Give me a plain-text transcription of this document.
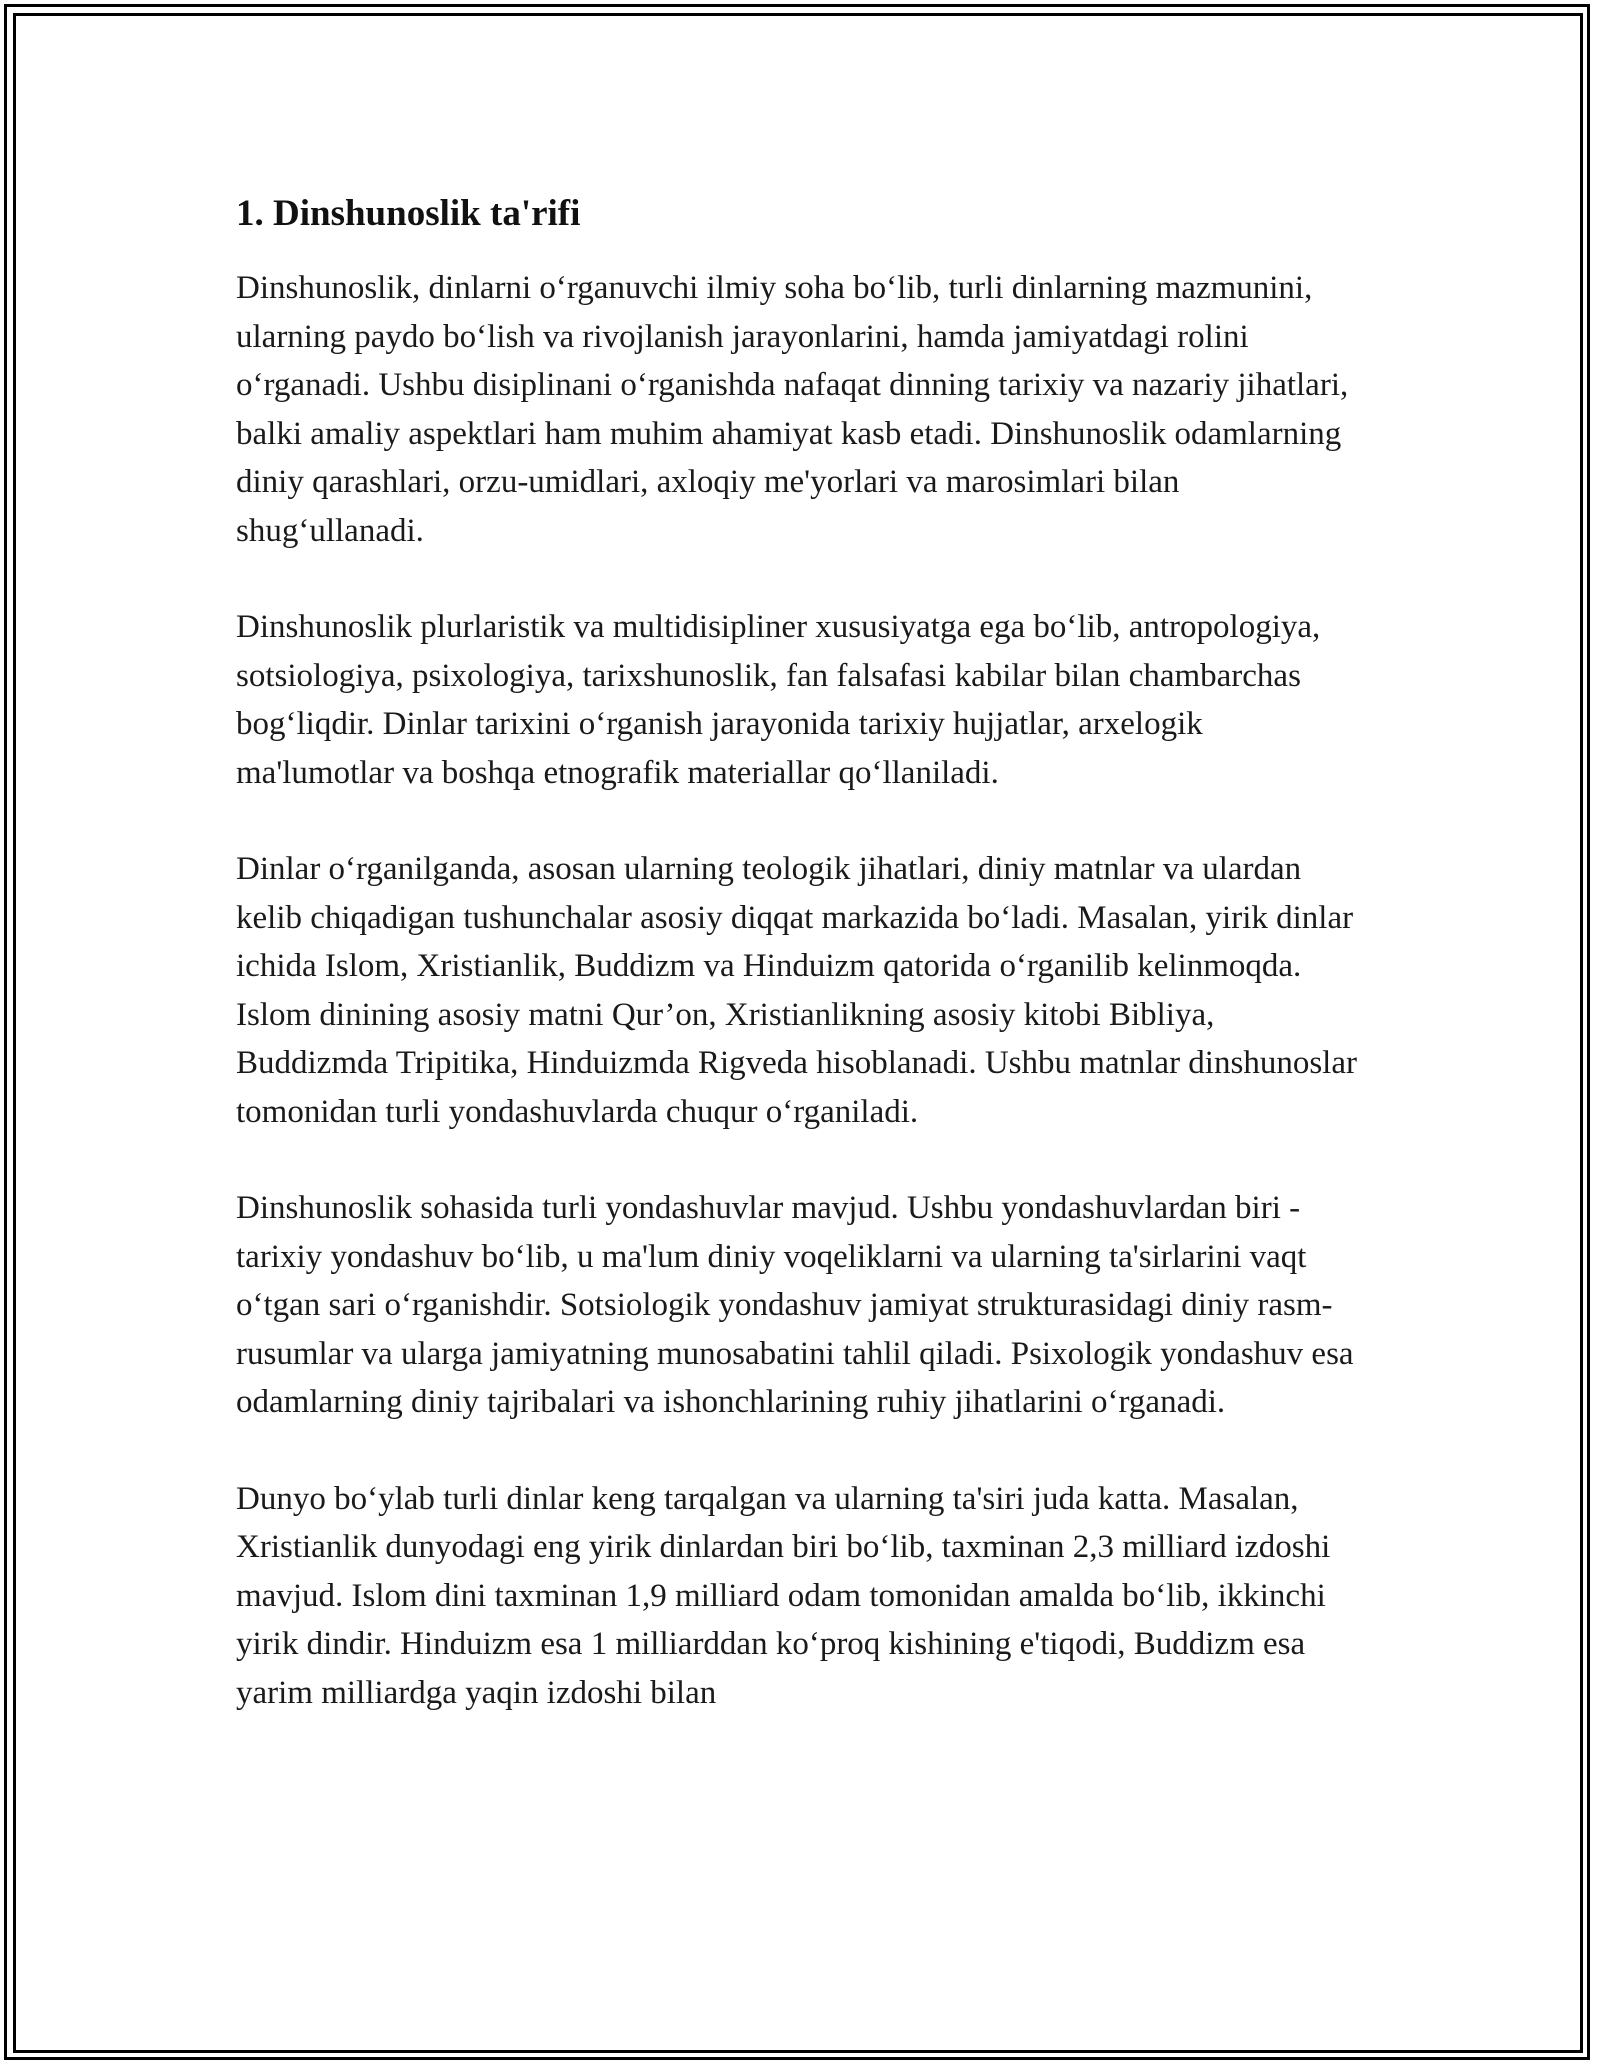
1. Dinshunoslik ta'rifi

Dinshunoslik, dinlarni o‘rganuvchi ilmiy soha bo‘lib, turli dinlarning mazmunini, ularning paydo bo‘lish va rivojlanish jarayonlarini, hamda jamiyatdagi rolini o‘rganadi. Ushbu disiplinani o‘rganishda nafaqat dinning tarixiy va nazariy jihatlari, balki amaliy aspektlari ham muhim ahamiyat kasb etadi. Dinshunoslik odamlarning diniy qarashlari, orzu-umidlari, axloqiy me'yorlari va marosimlari bilan shug‘ullanadi.

Dinshunoslik plurlaristik va multidisipliner xususiyatga ega bo‘lib, antropologiya, sotsiologiya, psixologiya, tarixshunoslik, fan falsafasi kabilar bilan chambarchas bog‘liqdir. Dinlar tarixini o‘rganish jarayonida tarixiy hujjatlar, arxelogik ma'lumotlar va boshqa etnografik materiallar qo‘llaniladi.

Dinlar o‘rganilganda, asosan ularning teologik jihatlari, diniy matnlar va ulardan kelib chiqadigan tushunchalar asosiy diqqat markazida bo‘ladi. Masalan, yirik dinlar ichida Islom, Xristianlik, Buddizm va Hinduizm qatorida o‘rganilib kelinmoqda. Islom dinining asosiy matni Qur’on, Xristianlikning asosiy kitobi Bibliya, Buddizmda Tripitika, Hinduizmda Rigveda hisoblanadi. Ushbu matnlar dinshunoslar tomonidan turli yondashuvlarda chuqur o‘rganiladi.

Dinshunoslik sohasida turli yondashuvlar mavjud. Ushbu yondashuvlardan biri - tarixiy yondashuv bo‘lib, u ma'lum diniy voqeliklarni va ularning ta'sirlarini vaqt o‘tgan sari o‘rganishdir. Sotsiologik yondashuv jamiyat strukturasidagi diniy rasm-rusumlar va ularga jamiyatning munosabatini tahlil qiladi. Psixologik yondashuv esa odamlarning diniy tajribalari va ishonchlarining ruhiy jihatlarini o‘rganadi.

Dunyo bo‘ylab turli dinlar keng tarqalgan va ularning ta'siri juda katta. Masalan, Xristianlik dunyodagi eng yirik dinlardan biri bo‘lib, taxminan 2,3 milliard izdoshi mavjud. Islom dini taxminan 1,9 milliard odam tomonidan amalda bo‘lib, ikkinchi yirik dindir. Hinduizm esa 1 milliarddan ko‘proq kishining e'tiqodi, Buddizm esa yarim milliardga yaqin izdoshi bilan
